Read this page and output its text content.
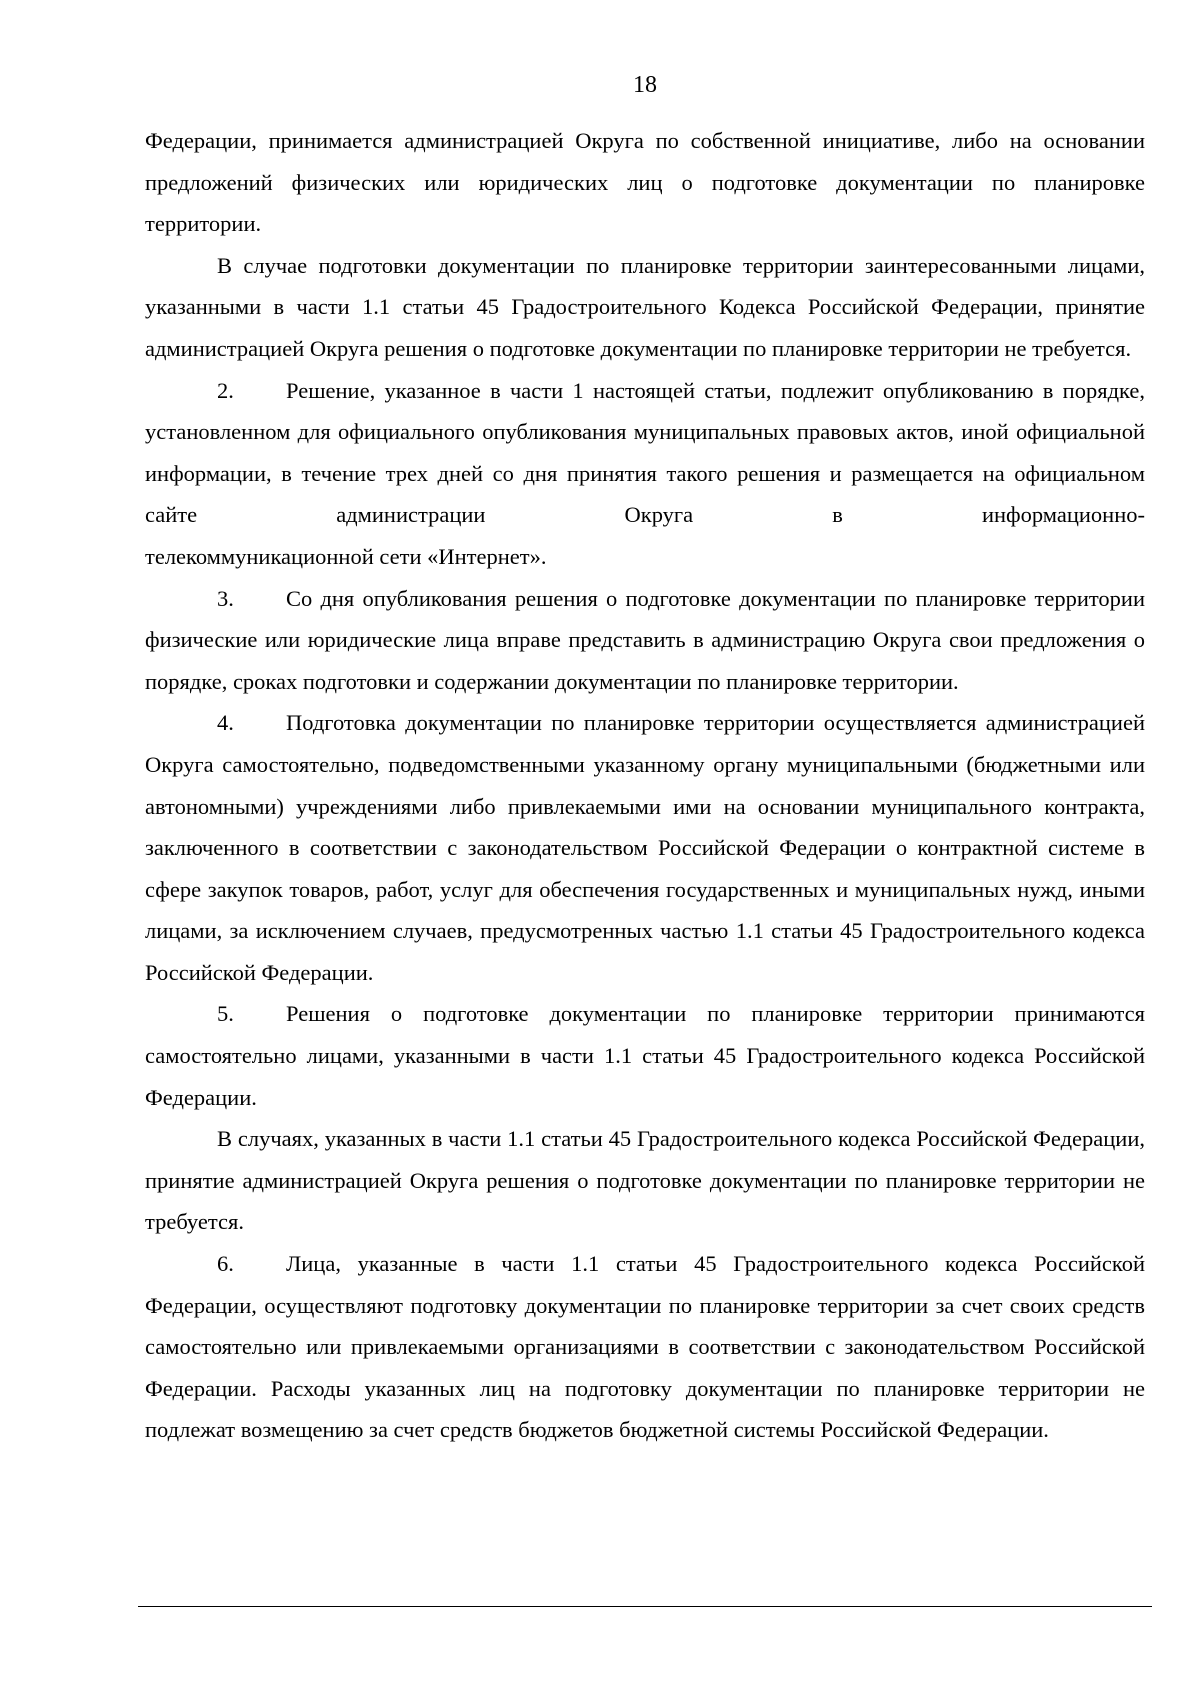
18

Федерации, принимается администрацией Округа по собственной инициативе, либо на основании предложений физических или юридических лиц о подготовке документации по планировке территории.

В случае подготовки документации по планировке территории заинтересованными лицами, указанными в части 1.1 статьи 45 Градостроительного Кодекса Российской Федерации, принятие администрацией Округа решения о подготовке документации по планировке территории не требуется.

2. Решение, указанное в части 1 настоящей статьи, подлежит опубликованию в порядке, установленном для официального опубликования муниципальных правовых актов, иной официальной информации, в течение трех дней со дня принятия такого решения и размещается на официальном сайте администрации Округа в информационно-

телекоммуникационной сети «Интернет».

3. Со дня опубликования решения о подготовке документации по планировке территории физические или юридические лица вправе представить в администрацию Округа свои предложения о порядке, сроках подготовки и содержании документации по планировке территории.

4. Подготовка документации по планировке территории осуществляется администрацией Округа самостоятельно, подведомственными указанному органу муниципальными (бюджетными или автономными) учреждениями либо привлекаемыми ими на основании муниципального контракта, заключенного в соответствии с законодательством Российской Федерации о контрактной системе в сфере закупок товаров, работ, услуг для обеспечения государственных и муниципальных нужд, иными лицами, за исключением случаев, предусмотренных частью 1.1 статьи 45 Градостроительного кодекса Российской Федерации.

5. Решения о подготовке документации по планировке территории принимаются самостоятельно лицами, указанными в части 1.1 статьи 45 Градостроительного кодекса Российской Федерации.

В случаях, указанных в части 1.1 статьи 45 Градостроительного кодекса Российской Федерации, принятие администрацией Округа решения о подготовке документации по планировке территории не требуется.

6. Лица, указанные в части 1.1 статьи 45 Градостроительного кодекса Российской Федерации, осуществляют подготовку документации по планировке территории за счет своих средств самостоятельно или привлекаемыми организациями в соответствии с законодательством Российской Федерации. Расходы указанных лиц на подготовку документации по планировке территории не подлежат возмещению за счет средств бюджетов бюджетной системы Российской Федерации.
